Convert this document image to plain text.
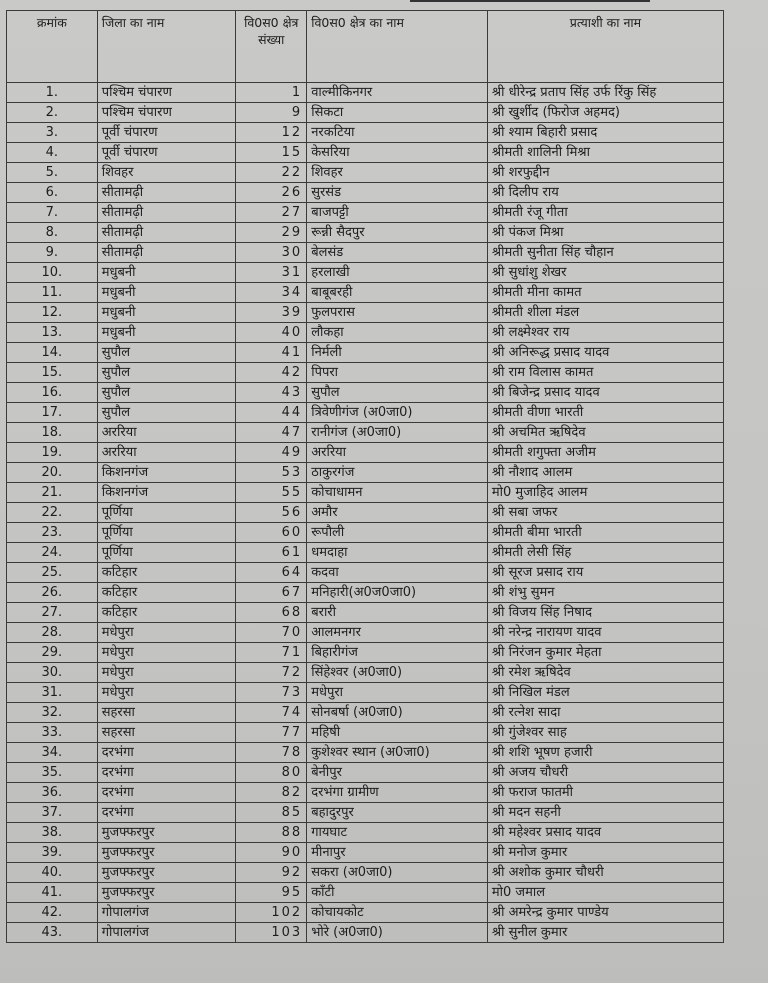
क्रमांक	जिला का नाम	वि0स0 क्षेत्र संख्या	वि0स0 क्षेत्र का नाम	प्रत्याशी का नाम
1.	पश्चिम चंपारण	1	वाल्मीकिनगर	श्री धीरेन्द्र प्रताप सिंह उर्फ रिंकु सिंह
2.	पश्चिम चंपारण	9	सिकटा	श्री खुर्शीद (फिरोज अहमद)
3.	पूर्वी चंपारण	12	नरकटिया	श्री श्याम बिहारी प्रसाद
4.	पूर्वी चंपारण	15	केसरिया	श्रीमती शालिनी मिश्रा
5.	शिवहर	22	शिवहर	श्री शरफुद्दीन
6.	सीतामढ़ी	26	सुरसंड	श्री दिलीप राय
7.	सीतामढ़ी	27	बाजपट्टी	श्रीमती रंजू गीता
8.	सीतामढ़ी	29	रून्नी सैदपुर	श्री पंकज मिश्रा
9.	सीतामढ़ी	30	बेलसंड	श्रीमती सुनीता सिंह चौहान
10.	मधुबनी	31	हरलाखी	श्री सुधांशु शेखर
11.	मधुबनी	34	बाबूबरही	श्रीमती मीना कामत
12.	मधुबनी	39	फुलपरास	श्रीमती शीला मंडल
13.	मधुबनी	40	लौकहा	श्री लक्ष्मेश्वर राय
14.	सुपौल	41	निर्मली	श्री अनिरूद्ध प्रसाद यादव
15.	सुपौल	42	पिपरा	श्री राम विलास कामत
16.	सुपौल	43	सुपौल	श्री बिजेन्द्र प्रसाद यादव
17.	सुपौल	44	त्रिवेणीगंज (अ0जा0)	श्रीमती वीणा भारती
18.	अररिया	47	रानीगंज (अ0जा0)	श्री अचमित ऋषिदेव
19.	अररिया	49	अररिया	श्रीमती शगुफ्ता अजीम
20.	किशनगंज	53	ठाकुरगंज	श्री नौशाद आलम
21.	किशनगंज	55	कोचाधामन	मो0 मुजाहिद आलम
22.	पूर्णिया	56	अमौर	श्री सबा जफर
23.	पूर्णिया	60	रूपौली	श्रीमती बीमा भारती
24.	पूर्णिया	61	धमदाहा	श्रीमती लेसी सिंह
25.	कटिहार	64	कदवा	श्री सूरज प्रसाद राय
26.	कटिहार	67	मनिहारी(अ0ज0जा0)	श्री शंभु सुमन
27.	कटिहार	68	बरारी	श्री विजय सिंह निषाद
28.	मधेपुरा	70	आलमनगर	श्री नरेन्द्र नारायण यादव
29.	मधेपुरा	71	बिहारीगंज	श्री निरंजन कुमार मेहता
30.	मधेपुरा	72	सिंहेश्वर (अ0जा0)	श्री रमेश ऋषिदेव
31.	मधेपुरा	73	मधेपुरा	श्री निखिल मंडल
32.	सहरसा	74	सोनबर्षा (अ0जा0)	श्री रत्नेश सादा
33.	सहरसा	77	महिषी	श्री गुंजेश्वर साह
34.	दरभंगा	78	कुशेश्वर स्थान (अ0जा0)	श्री शशि भूषण हजारी
35.	दरभंगा	80	बेनीपुर	श्री अजय चौधरी
36.	दरभंगा	82	दरभंगा ग्रामीण	श्री फराज फातमी
37.	दरभंगा	85	बहादुरपुर	श्री मदन सहनी
38.	मुजफ्फरपुर	88	गायघाट	श्री महेश्वर प्रसाद यादव
39.	मुजफ्फरपुर	90	मीनापुर	श्री मनोज कुमार
40.	मुजफ्फरपुर	92	सकरा (अ0जा0)	श्री अशोक कुमार चौधरी
41.	मुजफ्फरपुर	95	काँटी	मो0 जमाल
42.	गोपालगंज	102	कोचायकोट	श्री अमरेन्द्र कुमार पाण्डेय
43.	गोपालगंज	103	भोरे (अ0जा0)	श्री सुनील कुमार
